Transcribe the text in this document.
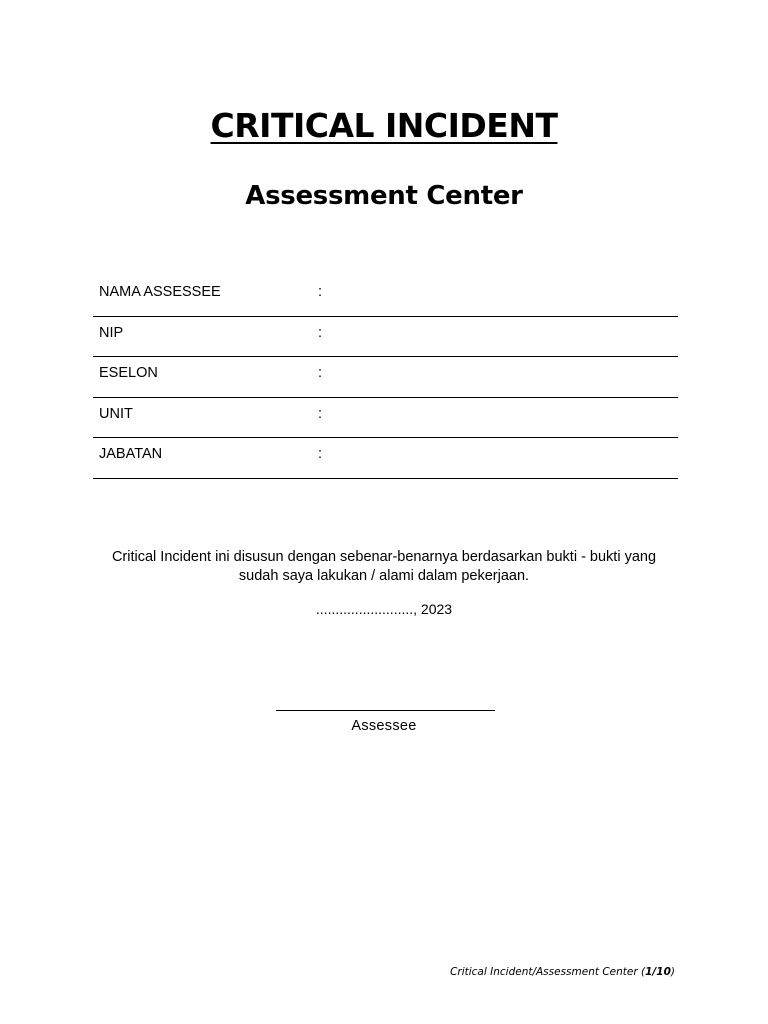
CRITICAL INCIDENT
Assessment Center
NAMA ASSESSEE	:
NIP	:
ESELON	:
UNIT	:
JABATAN	:
Critical Incident ini disusun dengan sebenar-benarnya berdasarkan bukti - bukti yang
sudah saya lakukan / alami dalam pekerjaan.
........................., 2023
Assessee
Critical Incident/Assessment Center (1/10)
